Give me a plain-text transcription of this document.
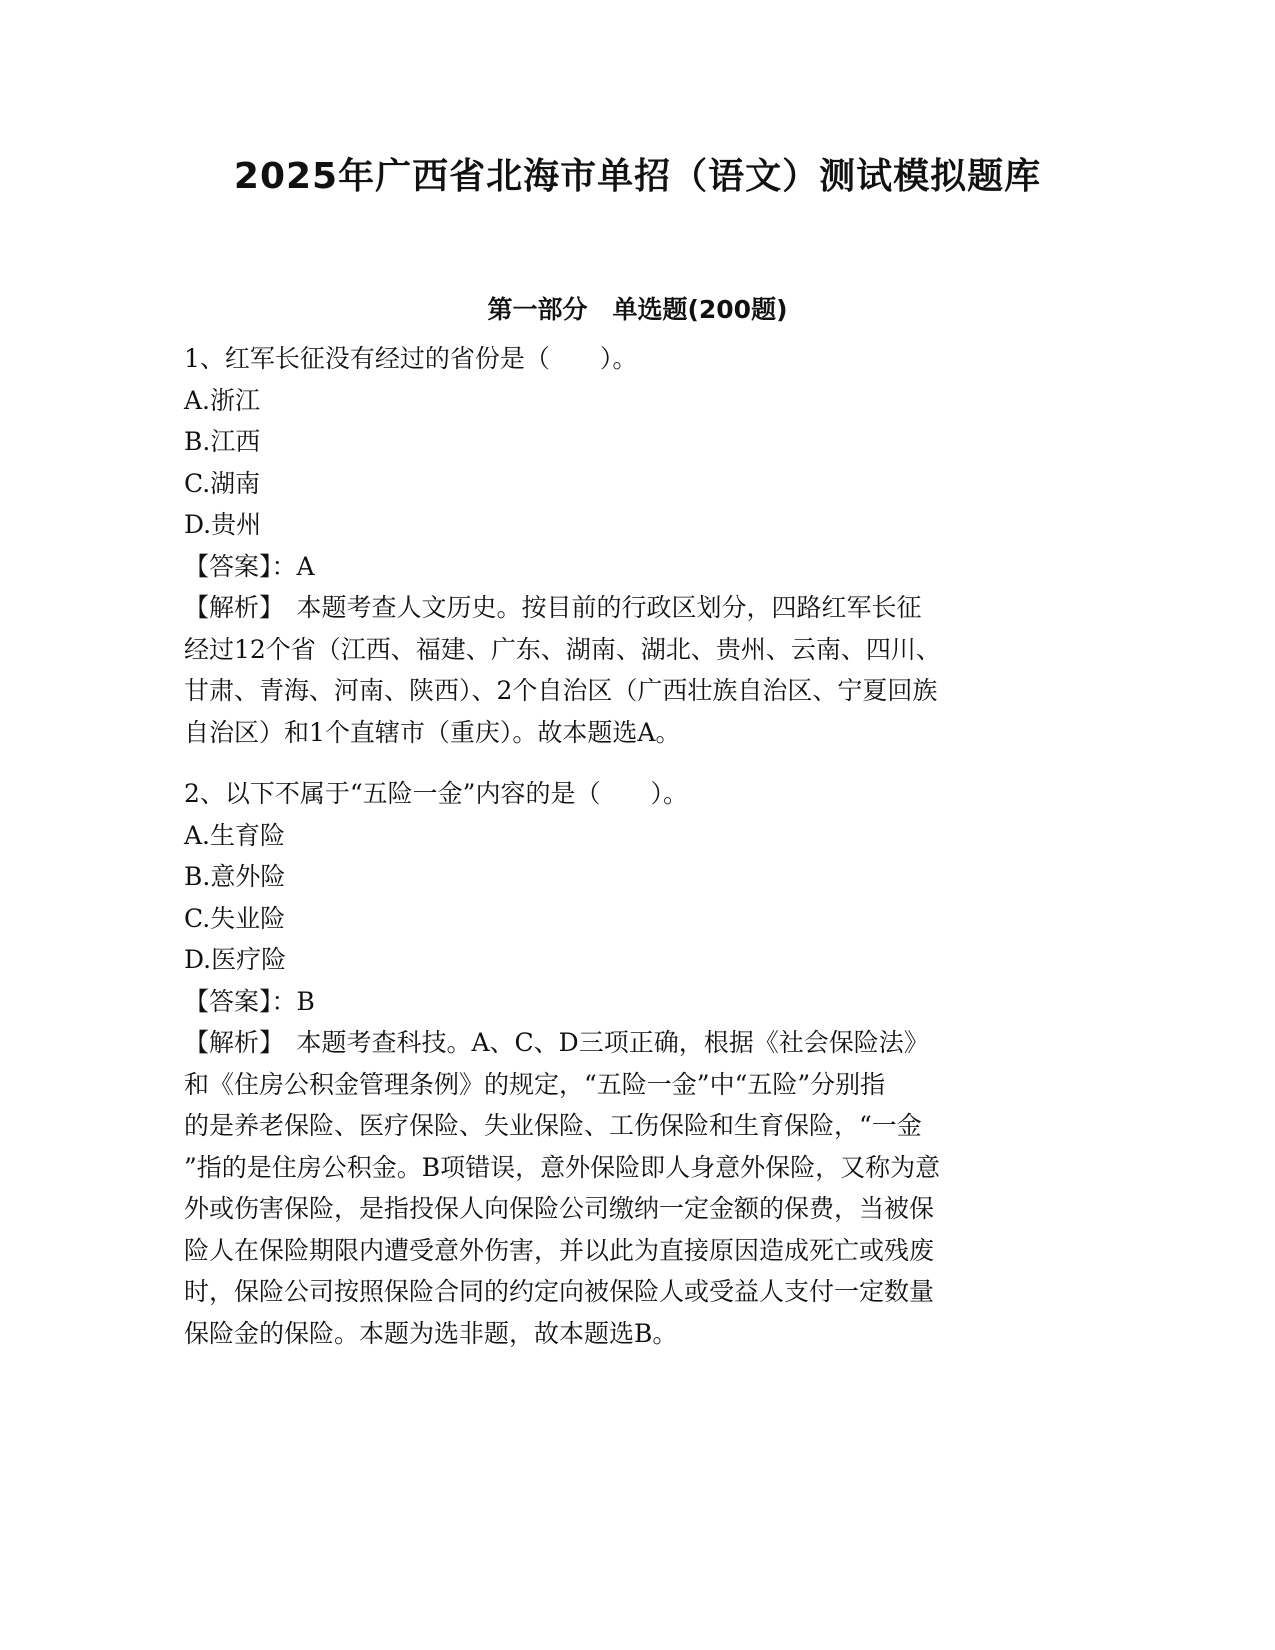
2025年广西省北海市单招（语文）测试模拟题库
第一部分　单选题(200题)
1、红军长征没有经过的省份是（　　）。
A.浙江
B.江西
C.湖南
D.贵州
【答案】：A
【解析】　本题考查人文历史。按目前的行政区划分，四路红军长征
经过12个省（江西、福建、广东、湖南、湖北、贵州、云南、四川、
甘肃、青海、河南、陕西）、2个自治区（广西壮族自治区、宁夏回族
自治区）和1个直辖市（重庆）。故本题选A。
2、以下不属于“五险一金”内容的是（　　）。
A.生育险
B.意外险
C.失业险
D.医疗险
【答案】：B
【解析】　本题考查科技。A、C、D三项正确，根据《社会保险法》
和《住房公积金管理条例》的规定，“五险一金”中“五险”分别指
的是养老保险、医疗保险、失业保险、工伤保险和生育保险，“一金
”指的是住房公积金。B项错误，意外保险即人身意外保险，又称为意
外或伤害保险，是指投保人向保险公司缴纳一定金额的保费，当被保
险人在保险期限内遭受意外伤害，并以此为直接原因造成死亡或残废
时，保险公司按照保险合同的约定向被保险人或受益人支付一定数量
保险金的保险。本题为选非题，故本题选B。
